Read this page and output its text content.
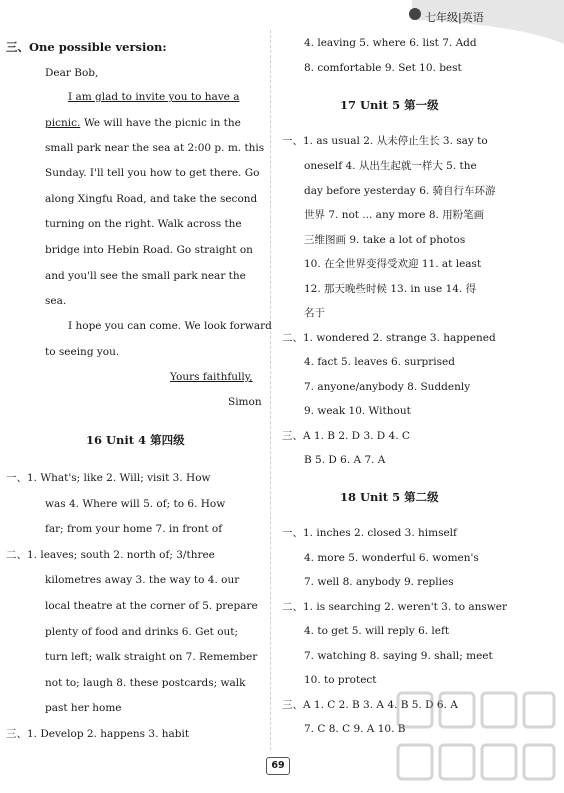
七年级|英语
三、One possible version:
Dear Bob,
I am glad to invite you to have a
picnic. We will have the picnic in the
small park near the sea at 2:00 p. m. this
Sunday. I'll tell you how to get there. Go
along Xingfu Road, and take the second
turning on the right. Walk across the
bridge into Hebin Road. Go straight on
and you'll see the small park near the
sea.
I hope you can come. We look forward
to seeing you.
Yours faithfully,
Simon
16 Unit 4 第四级
一、1. What's; like 2. Will; visit 3. How
was 4. Where will 5. of; to 6. How
far; from your home 7. in front of
二、1. leaves; south 2. north of; 3/three
kilometres away 3. the way to 4. our
local theatre at the corner of 5. prepare
plenty of food and drinks 6. Get out;
turn left; walk straight on 7. Remember
not to; laugh 8. these postcards; walk
past her home
三、1. Develop 2. happens 3. habit
4. leaving 5. where 6. list 7. Add
8. comfortable 9. Set 10. best
17 Unit 5 第一级
一、1. as usual 2. 从未停止生长 3. say to
oneself 4. 从出生起就一样大 5. the
day before yesterday 6. 骑自行车环游
世界 7. not ... any more 8. 用粉笔画
三维图画 9. take a lot of photos
10. 在全世界变得受欢迎 11. at least
12. 那天晚些时候 13. in use 14. 得
名于
二、1. wondered 2. strange 3. happened
4. fact 5. leaves 6. surprised
7. anyone/anybody 8. Suddenly
9. weak 10. Without
三、A 1. B 2. D 3. D 4. C
B 5. D 6. A 7. A
18 Unit 5 第二级
一、1. inches 2. closed 3. himself
4. more 5. wonderful 6. women's
7. well 8. anybody 9. replies
二、1. is searching 2. weren't 3. to answer
4. to get 5. will reply 6. left
7. watching 8. saying 9. shall; meet
10. to protect
三、A 1. C 2. B 3. A 4. B 5. D 6. A
7. C 8. C 9. A 10. B
69
